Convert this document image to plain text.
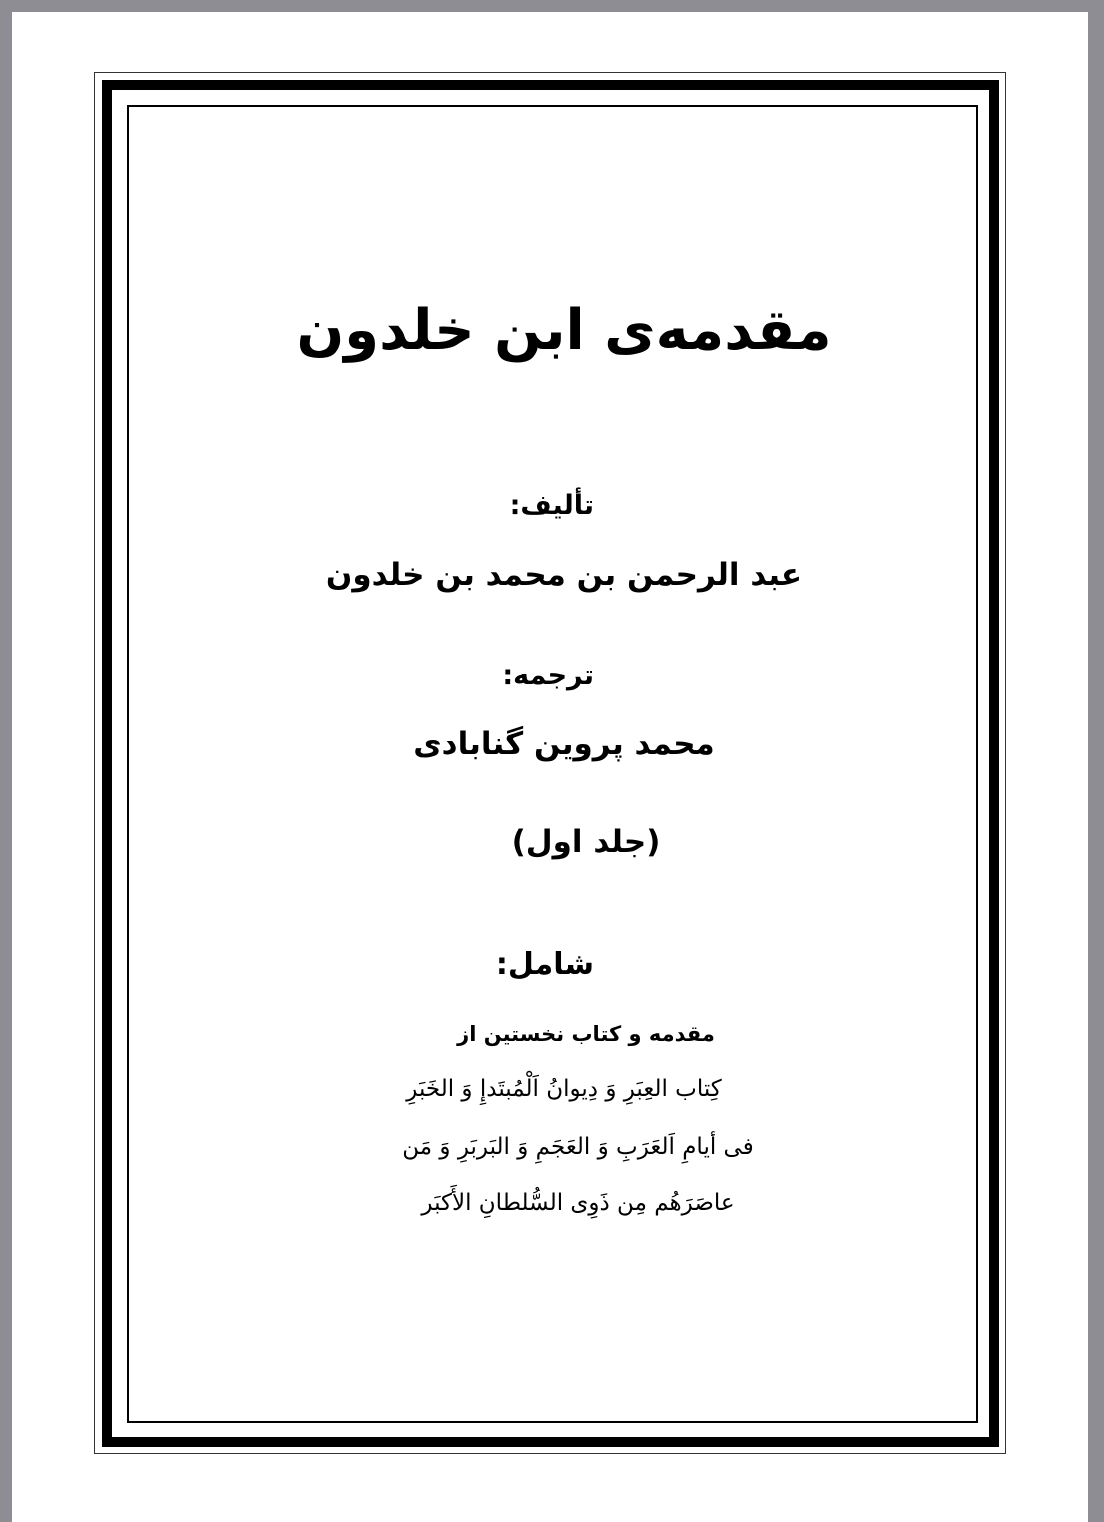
مقدمه‌ی ابن خلدون
تألیف:
عبد الرحمن بن محمد بن خلدون
ترجمه:
محمد پروین گنابادی
(جلد اول)
شامل:
مقدمه و کتاب نخستین از
كِتاب العِبَرِ وَ دِيوانُ اَلْمُبتَدإِ وَ الخَبَرِ
فی أيامِ اَلعَرَبِ وَ العَجَمِ وَ البَربَرِ وَ مَن
عاصَرَهُم مِن ذَوِی السُّلطانِ الأَكبَر
